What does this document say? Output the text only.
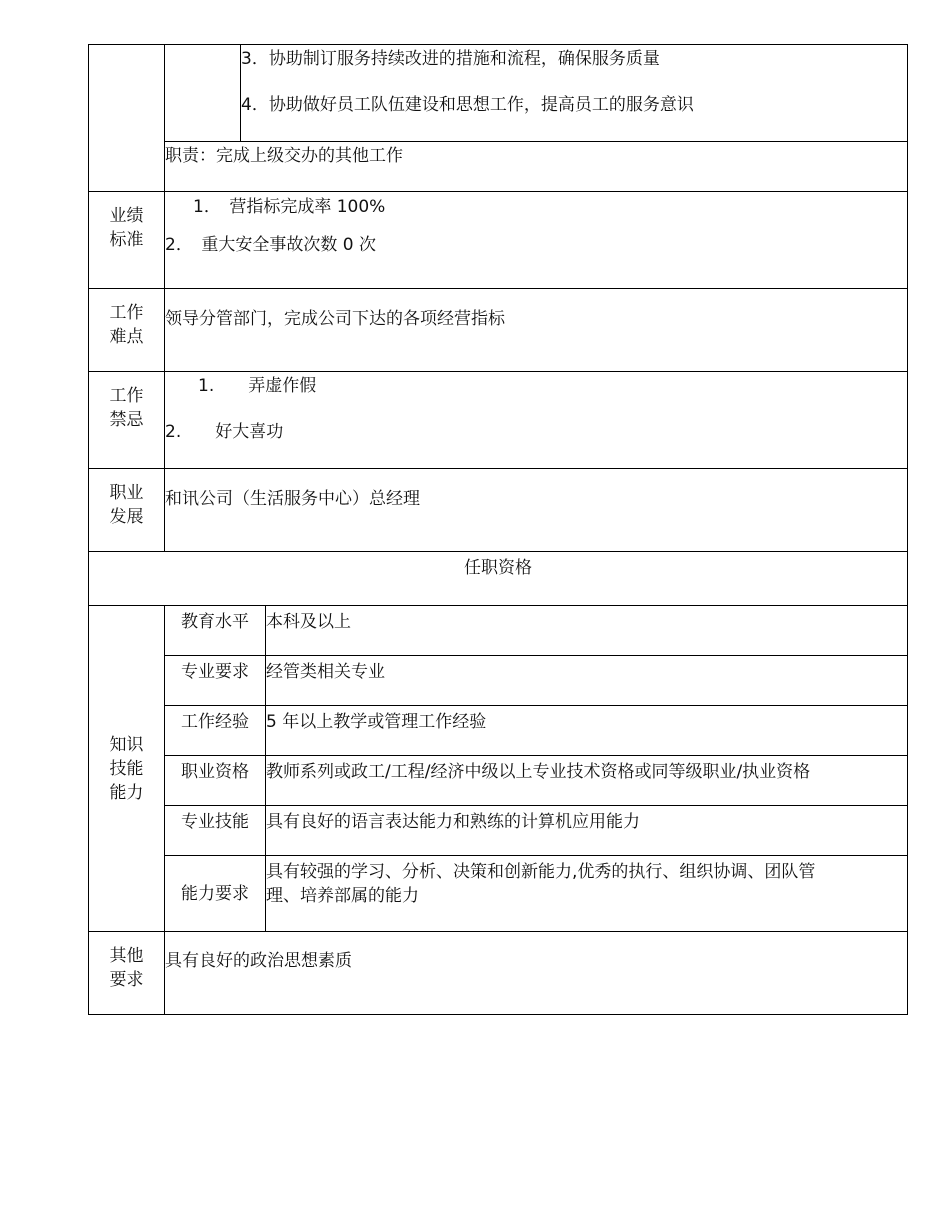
		3．协助制订服务持续改进的措施和流程，确保服务质量
4．协助做好员工队伍建设和思想工作，提高员工的服务意识	

	职责：完成上级交办的其他工作		

业绩
标准	1．　营指标完成率 100%
2．　重大安全事故次数 0 次		

工作
难点	领导分管部门，完成公司下达的各项经营指标		

工作
禁忌	1.　　弄虚作假
2.　　好大喜功		

职业
发展	和讯公司（生活服务中心）总经理		
任职资格			

知识
技能
能力	教育水平		本科及以上
	专业要求		经管类相关专业
	工作经验		5 年以上教学或管理工作经验
	职业资格		教师系列或政工/工程/经济中级以上专业技术资格或同等级职业/执业资格
	专业技能		具有良好的语言表达能力和熟练的计算机应用能力
	能力要求		具有较强的学习、分析、决策和创新能力,优秀的执行、组织协调、团队管
理、培养部属的能力

其他
要求	具有良好的政治思想素质		
